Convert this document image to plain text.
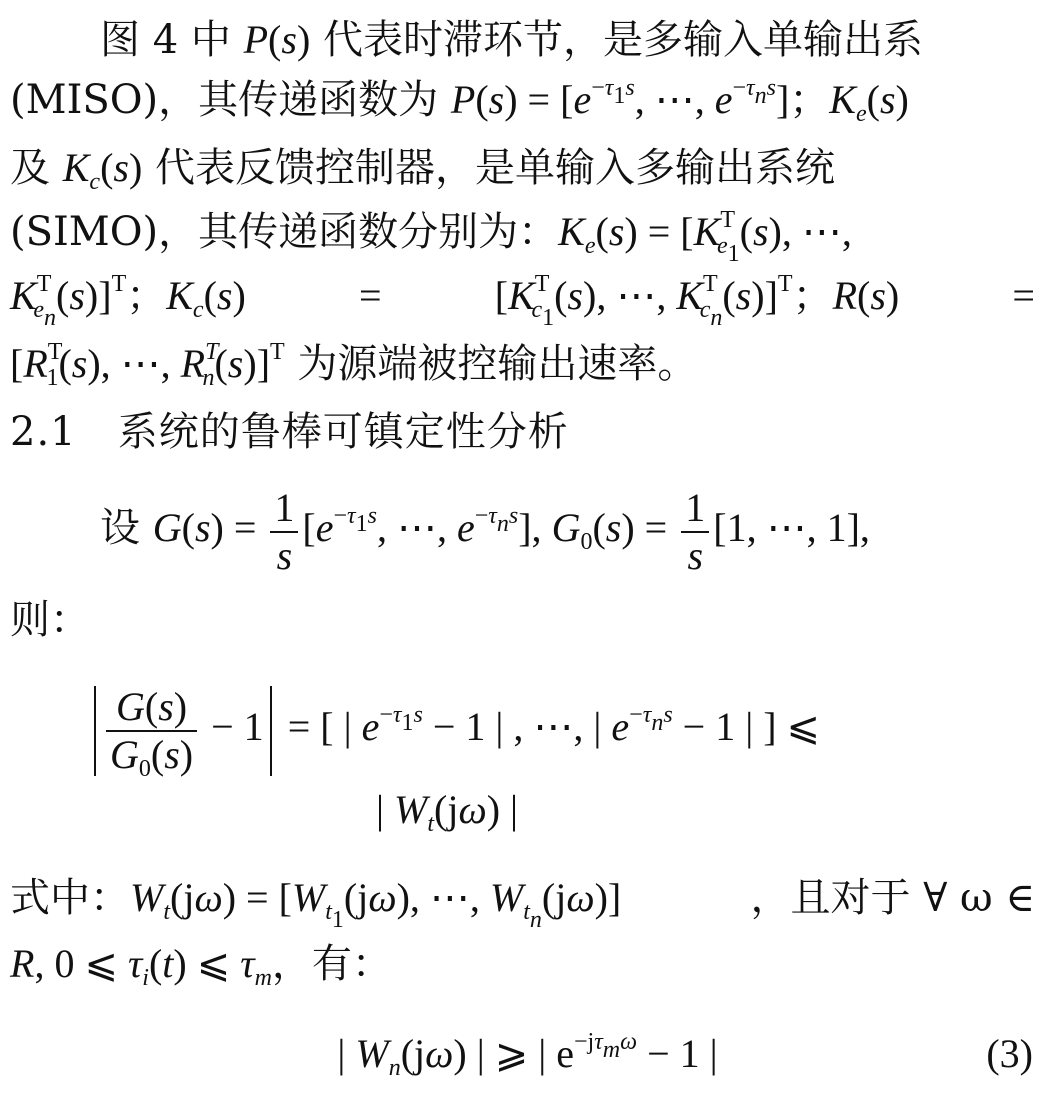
图 4 中 P(s) 代表时滞环节，是多输入单输出系
(MISO)，其传递函数为 $P(s) = [e^{-\tau_1s}$, ⋯, $e^{-\tau_ns}$]；$K_e(s)$
及 $K_c(s)$ 代表反馈控制器，是单输入多输出系统
(SIMO)，其传递函数分别为：$K_e(s) = [K^T_{e_1}(s)$, ⋯,
$K^T_{e_n}(s)]^T$；$K_c(s)$	=	[$K^T_{c_1}(s)$, ⋯, $K^T_{c_n}(s)]^T$；R(s)	=
[$R^T_1(s)$, ⋯, $R^T_n(s)]^T$ 为源端被控输出速率。
2.1 系统的鲁棒可镇定性分析
设 $G(s) = \frac{1}{s} [e^{-\tau_1s}$, ⋯, $e^{-\tau_ns}$], $G_0(s) = \frac{1}{s} [1$, ⋯, 1],
则：
$\frac{G(s)}{G_0(s)} - 1$ = [ | $e^{-\tau_1s} - 1$ | , ⋯, | $e^{-\tau_ns} - 1$ | ] ⩽
| $W_t(j\omega)$ |
式中：$W_t(j\omega) = [W_{t_1}(j\omega)$, ⋯, $W_{t_n}(j\omega)$]	，且对于 ∀ ω ∈
R, 0 ⩽ $\tau_i(t)$ ⩽ $\tau_m$，有：
| $W_n(j\omega)$ | ⩾ | $e^{-j\tau_m\omega} - 1$ |	(3)
